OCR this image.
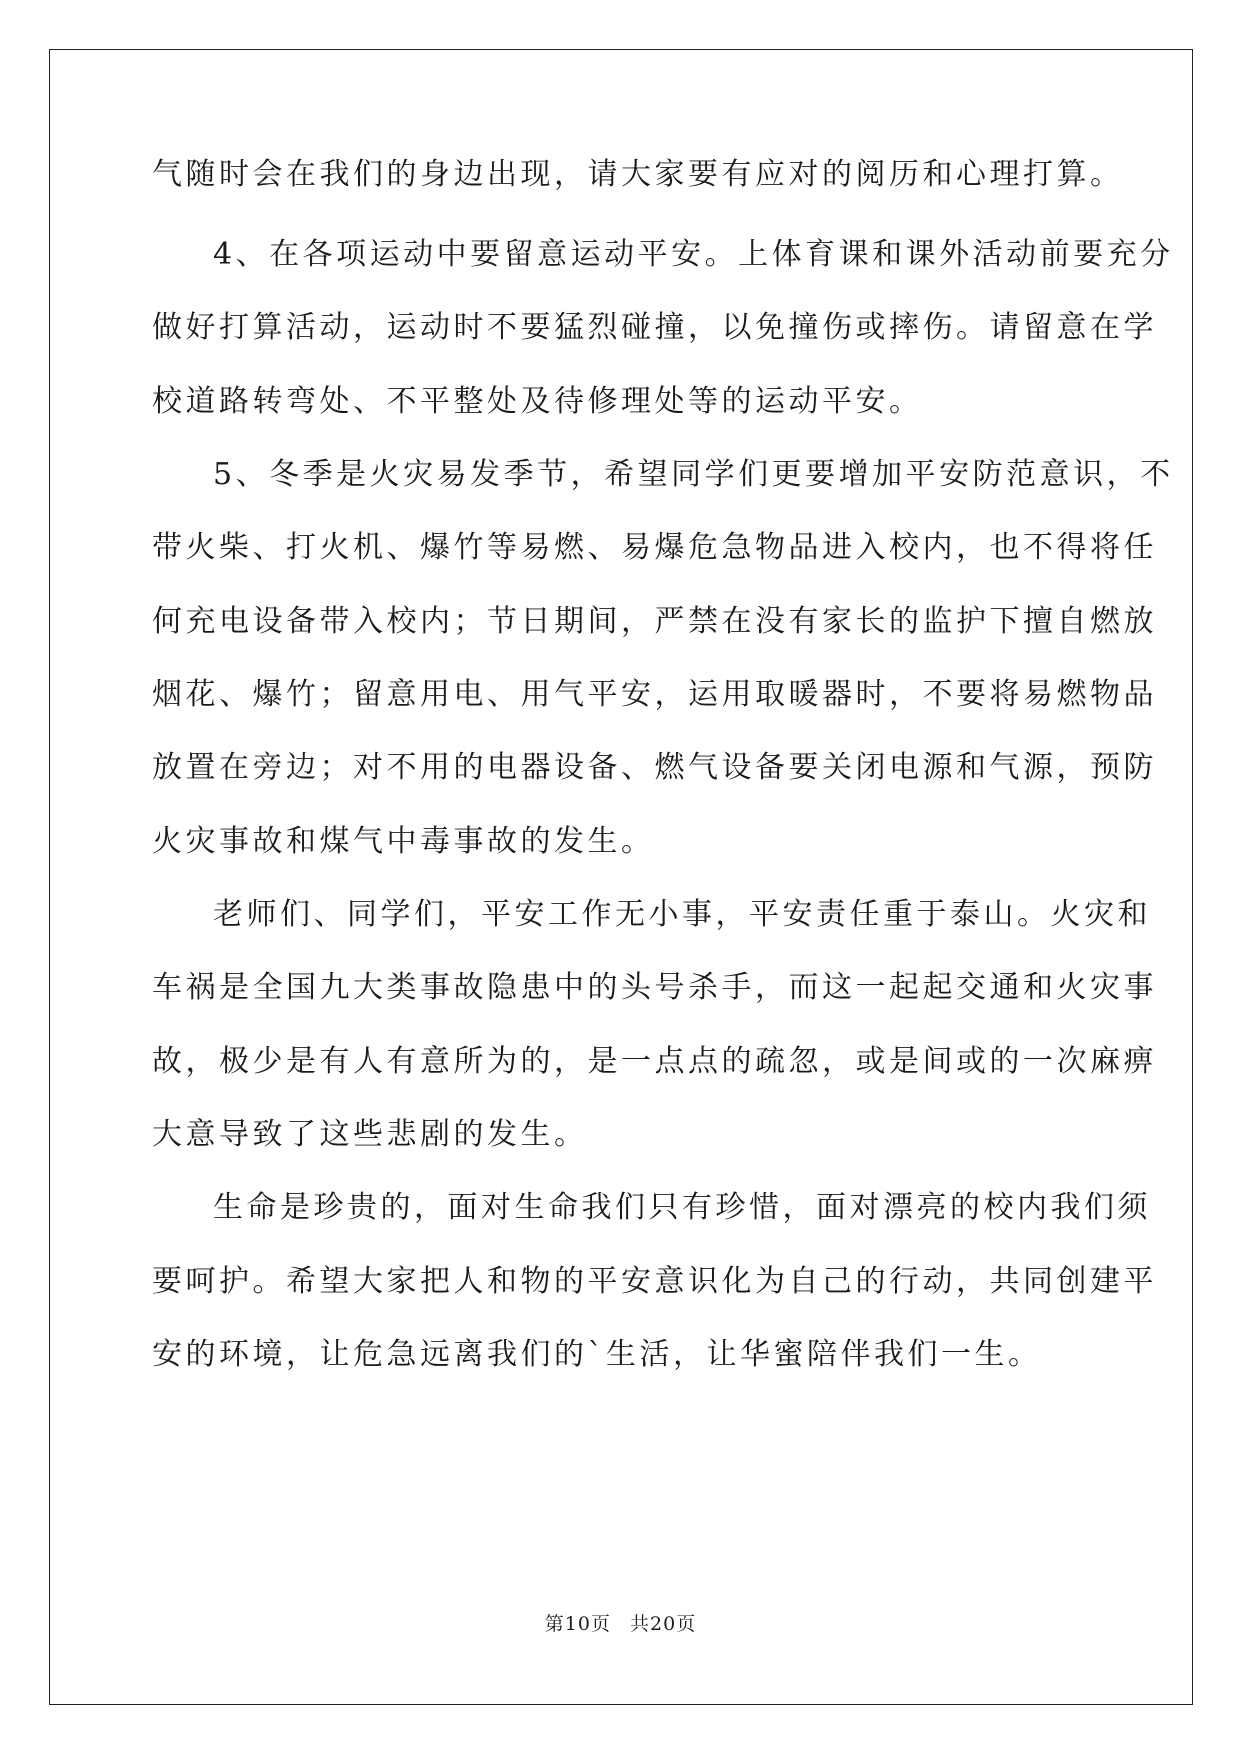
气随时会在我们的身边出现，请大家要有应对的阅历和心理打算。
4、在各项运动中要留意运动平安。上体育课和课外活动前要充分
做好打算活动，运动时不要猛烈碰撞，以免撞伤或摔伤。请留意在学
校道路转弯处、不平整处及待修理处等的运动平安。
5、冬季是火灾易发季节，希望同学们更要增加平安防范意识，不
带火柴、打火机、爆竹等易燃、易爆危急物品进入校内，也不得将任
何充电设备带入校内；节日期间，严禁在没有家长的监护下擅自燃放
烟花、爆竹；留意用电、用气平安，运用取暖器时，不要将易燃物品
放置在旁边；对不用的电器设备、燃气设备要关闭电源和气源，预防
火灾事故和煤气中毒事故的发生。
老师们、同学们，平安工作无小事，平安责任重于泰山。火灾和
车祸是全国九大类事故隐患中的头号杀手，而这一起起交通和火灾事
故，极少是有人有意所为的，是一点点的疏忽，或是间或的一次麻痹
大意导致了这些悲剧的发生。
生命是珍贵的，面对生命我们只有珍惜，面对漂亮的校内我们须
要呵护。希望大家把人和物的平安意识化为自己的行动，共同创建平
安的环境，让危急远离我们的`生活，让华蜜陪伴我们一生。
第10页 共20页
